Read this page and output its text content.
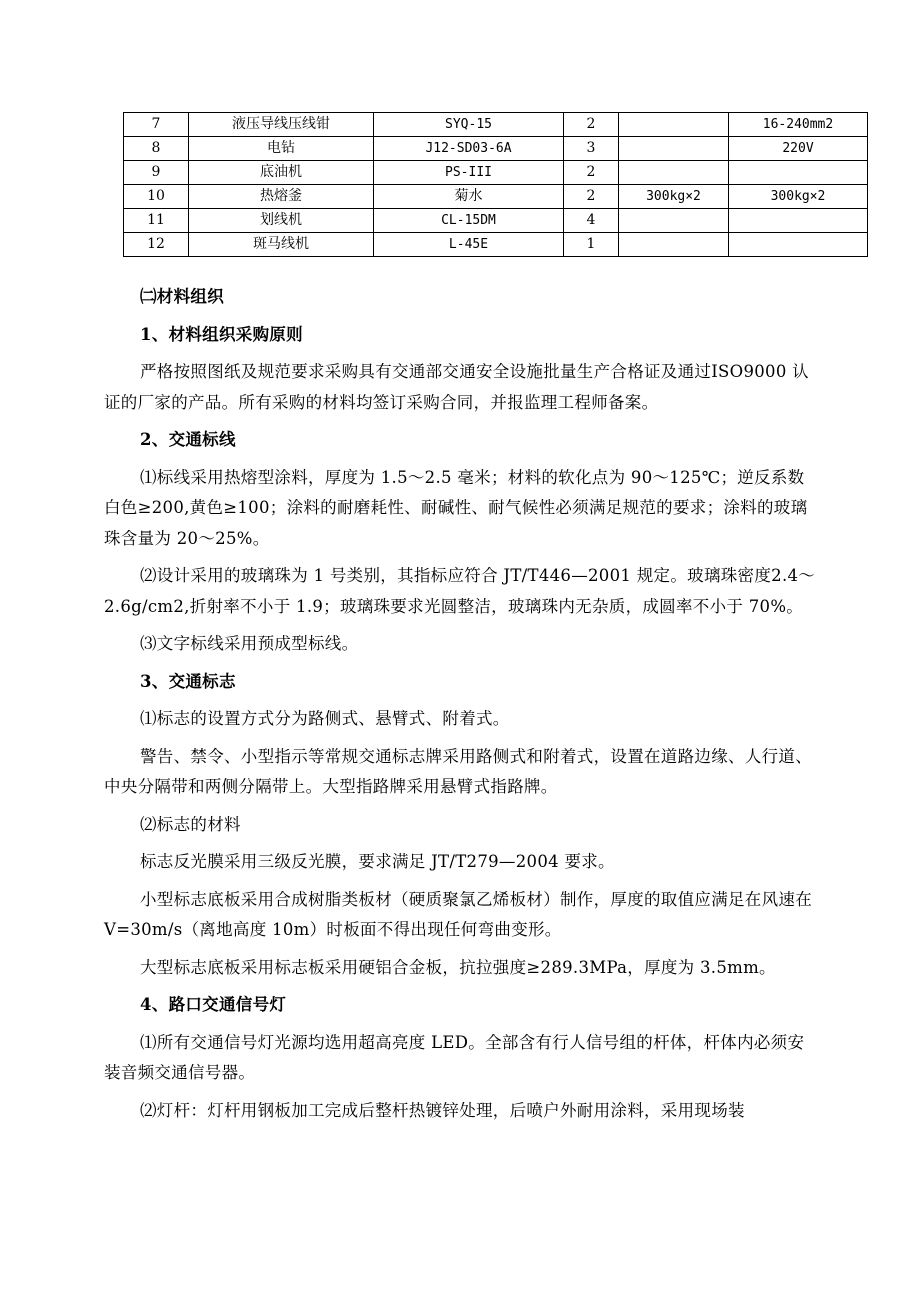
7	液压导线压线钳	SYQ-15	2		16-240mm2
8	电钻	J12-SD03-6A	3		220V
9	底油机	PS-III	2		
10	热熔釜	菊水	2	300kg×2	300kg×2
11	划线机	CL-15DM	4		
12	斑马线机	L-45E	1		

㈡材料组织

1、材料组织采购原则

严格按照图纸及规范要求采购具有交通部交通安全设施批量生产合格证及通过ISO9000 认证的厂家的产品。所有采购的材料均签订采购合同，并报监理工程师备案。

2、交通标线

⑴标线采用热熔型涂料，厚度为 1.5～2.5 毫米；材料的软化点为 90～125℃；逆反系数白色≥200,黄色≥100；涂料的耐磨耗性、耐碱性、耐气候性必须满足规范的要求；涂料的玻璃珠含量为 20～25%。

⑵设计采用的玻璃珠为 1 号类别，其指标应符合 JT/T446—2001 规定。玻璃珠密度2.4～2.6g/cm2,折射率不小于 1.9；玻璃珠要求光圆整洁，玻璃珠内无杂质，成圆率不小于 70%。

⑶文字标线采用预成型标线。

3、交通标志

⑴标志的设置方式分为路侧式、悬臂式、附着式。

警告、禁令、小型指示等常规交通标志牌采用路侧式和附着式，设置在道路边缘、人行道、中央分隔带和两侧分隔带上。大型指路牌采用悬臂式指路牌。

⑵标志的材料

标志反光膜采用三级反光膜，要求满足 JT/T279—2004 要求。

小型标志底板采用合成树脂类板材（硬质聚氯乙烯板材）制作，厚度的取值应满足在风速在 V=30m/s（离地高度 10m）时板面不得出现任何弯曲变形。

大型标志底板采用标志板采用硬铝合金板，抗拉强度≥289.3MPa，厚度为 3.5mm。

4、路口交通信号灯

⑴所有交通信号灯光源均选用超高亮度 LED。全部含有行人信号组的杆体，杆体内必须安装音频交通信号器。

⑵灯杆：灯杆用钢板加工完成后整杆热镀锌处理，后喷户外耐用涂料，采用现场装
